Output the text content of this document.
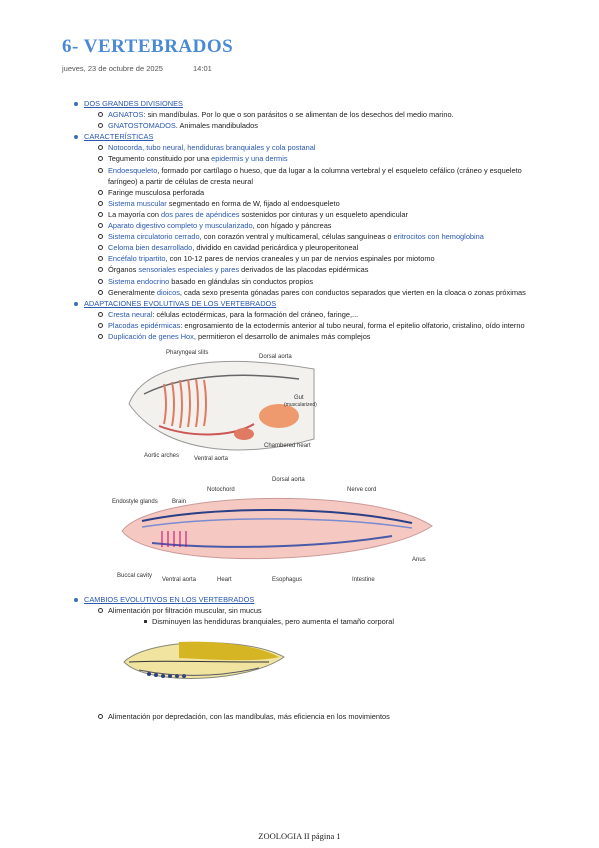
6- VERTEBRADOS
jueves, 23 de octubre de 2025	14:01
DOS GRANDES DIVISIONES
AGNATOS: sin mandíbulas. Por lo que o son parásitos o se alimentan de los desechos del medio marino.
GNATOSTOMADOS. Animales mandibulados
CARACTERÍSTICAS
Notocorda, tubo neural, hendiduras branquiales y cola postanal
Tegumento constituido por una epidermis y una dermis
Endoesqueleto, formado por cartílago o hueso, que da lugar a la columna vertebral y el esqueleto cefálico (cráneo y esqueleto faríngeo) a partir de células de cresta neural
Faringe musculosa perforada
Sistema muscular segmentado en forma de W, fijado al endoesqueleto
La mayoría con dos pares de apéndices sostenidos por cinturas y un esqueleto apendicular
Aparato digestivo completo y muscularizado, con hígado y páncreas
Sistema circulatorio cerrado, con corazón ventral y multicameral, células sanguíneas o eritrocitos con hemoglobina
Celoma bien desarrollado, dividido en cavidad pericárdica y pleuroperitoneal
Encéfalo tripartito, con 10-12 pares de nervios craneales y un par de nervios espinales por miotomo
Órganos sensoriales especiales y pares derivados de las placodas epidérmicas
Sistema endocrino basado en glándulas sin conductos propios
Generalmente dioicos, cada sexo presenta gónadas pares con conductos separados que vierten en la cloaca o zonas próximas
ADAPTACIONES EVOLUTIVAS DE LOS VERTEBRADOS
Cresta neural: células ectodérmicas, para la formación del cráneo, faringe,...
Placodas epidérmicas: engrosamiento de la ectodermis anterior al tubo neural, forma el epitelio olfatorio, cristalino, oído interno
Duplicación de genes Hox, permitieron el desarrollo de animales más complejos
Pharyngeal slits
Dorsal aorta
Gut
(muscularized)
Chambered heart
Aortic arches Ventral aorta

Dorsal aorta
Notochord	Nerve cord
Endostyle glands Brain
Anus
Buccal cavity
Ventral aorta	Heart	Esophagus	Intestine
CAMBIOS EVOLUTIVOS EN LOS VERTEBRADOS
Alimentación por filtración muscular, sin mucus
Disminuyen las hendiduras branquiales, pero aumenta el tamaño corporal
Alimentación por depredación, con las mandíbulas, más eficiencia en los movimientos
ZOOLOGIA II página 1
